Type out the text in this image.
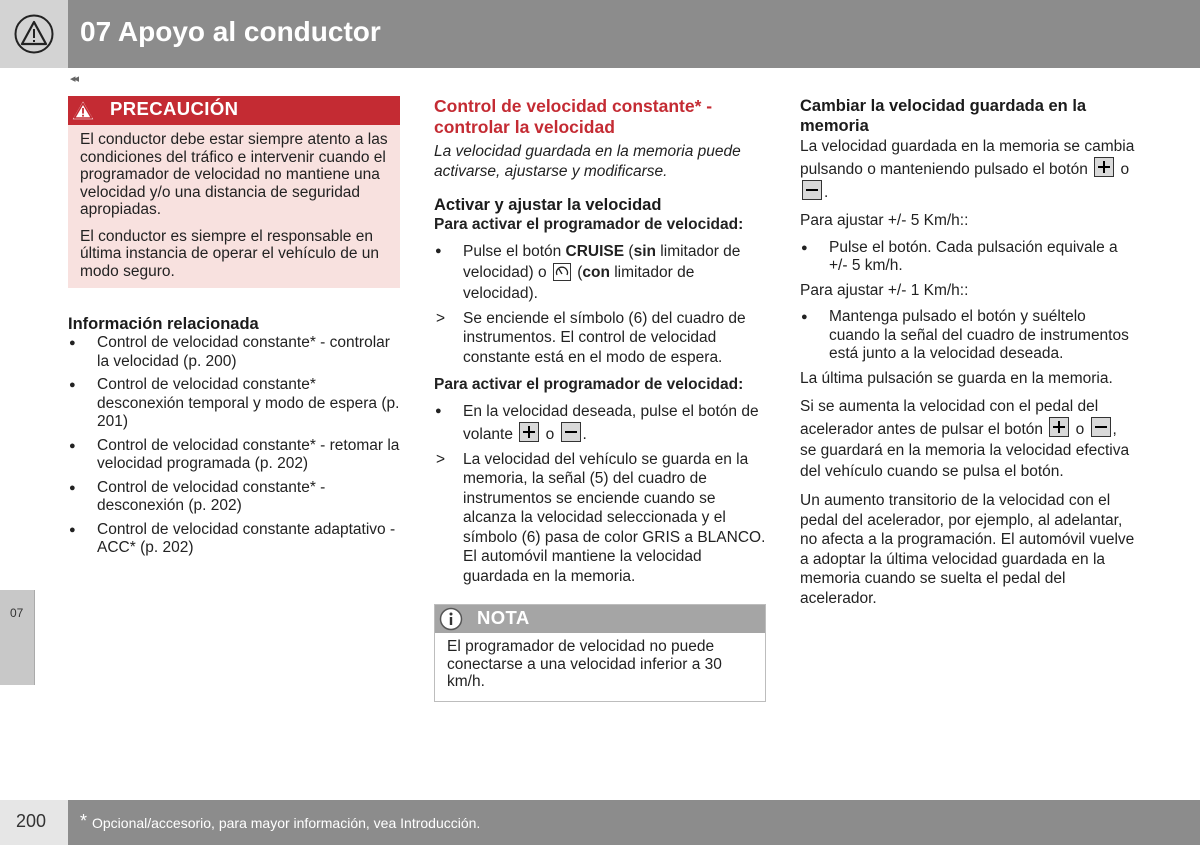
07 Apoyo al conductor
◂◂
07
PRECAUCIÓN

El conductor debe estar siempre atento a las condiciones del tráfico e intervenir cuando el programador de velocidad no mantiene una velocidad y/o una distancia de seguridad apropiadas.

El conductor es siempre el responsable en última instancia de operar el vehículo de un modo seguro.

Información relacionada
● Control de velocidad constante* - controlar la velocidad (p. 200)
● Control de velocidad constante* desconexión temporal y modo de espera (p. 201)
● Control de velocidad constante* - retomar la velocidad programada (p. 202)
● Control de velocidad constante* - desconexión (p. 202)
● Control de velocidad constante adaptativo - ACC* (p. 202)
Control de velocidad constante* - controlar la velocidad

La velocidad guardada en la memoria puede activarse, ajustarse y modificarse.

Activar y ajustar la velocidad

Para activar el programador de velocidad:

● Pulse el botón CRUISE (sin limitador de velocidad) o  (con limitador de velocidad).
> Se enciende el símbolo (6) del cuadro de instrumentos. El control de velocidad constante está en el modo de espera.

Para activar el programador de velocidad:

● En la velocidad deseada, pulse el botón de volante  o .
> La velocidad del vehículo se guarda en la memoria, la señal (5) del cuadro de instrumentos se enciende cuando se alcanza la velocidad seleccionada y el símbolo (6) pasa de color GRIS a BLANCO. El automóvil mantiene la velocidad guardada en la memoria.
NOTA
El programador de velocidad no puede conectarse a una velocidad inferior a 30 km/h.
Cambiar la velocidad guardada en la memoria

La velocidad guardada en la memoria se cambia pulsando o manteniendo pulsado el botón  o .

Para ajustar +/- 5 Km/h::

● Pulse el botón. Cada pulsación equivale a +/- 5 km/h.

Para ajustar +/- 1 Km/h::

● Mantenga pulsado el botón y suéltelo cuando la señal del cuadro de instrumentos está junto a la velocidad deseada.

La última pulsación se guarda en la memoria.

Si se aumenta la velocidad con el pedal del acelerador antes de pulsar el botón  o , se guardará en la memoria la velocidad efectiva del vehículo cuando se pulsa el botón.

Un aumento transitorio de la velocidad con el pedal del acelerador, por ejemplo, al adelantar, no afecta a la programación. El automóvil vuelve a adoptar la última velocidad guardada en la memoria cuando se suelta el pedal del acelerador.

200 * Opcional/accesorio, para mayor información, vea Introducción.
